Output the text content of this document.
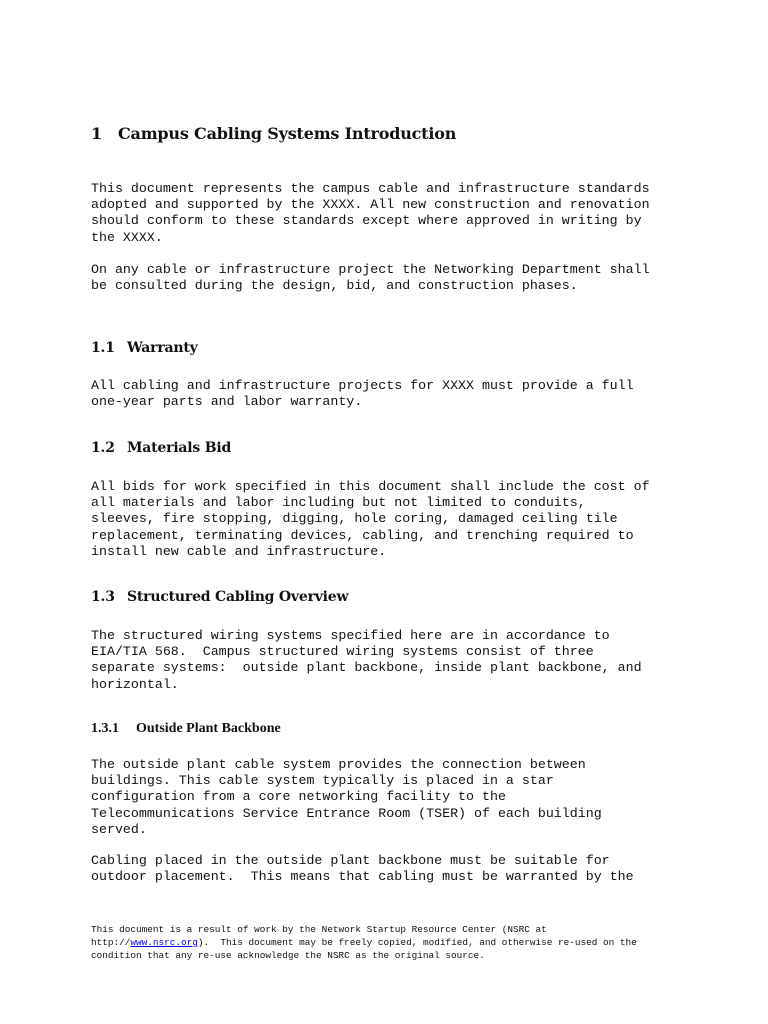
1 Campus Cabling Systems Introduction

This document represents the campus cable and infrastructure standards
adopted and supported by the XXXX. All new construction and renovation
should conform to these standards except where approved in writing by
the XXXX.

On any cable or infrastructure project the Networking Department shall
be consulted during the design, bid, and construction phases.

1.1 Warranty

All cabling and infrastructure projects for XXXX must provide a full
one-year parts and labor warranty.

1.2 Materials Bid

All bids for work specified in this document shall include the cost of
all materials and labor including but not limited to conduits,
sleeves, fire stopping, digging, hole coring, damaged ceiling tile
replacement, terminating devices, cabling, and trenching required to
install new cable and infrastructure.

1.3 Structured Cabling Overview

The structured wiring systems specified here are in accordance to
EIA/TIA 568.  Campus structured wiring systems consist of three
separate systems:  outside plant backbone, inside plant backbone, and
horizontal.

1.3.1 Outside Plant Backbone

The outside plant cable system provides the connection between
buildings. This cable system typically is placed in a star
configuration from a core networking facility to the
Telecommunications Service Entrance Room (TSER) of each building
served.

Cabling placed in the outside plant backbone must be suitable for
outdoor placement.  This means that cabling must be warranted by the

This document is a result of work by the Network Startup Resource Center (NSRC at
http://www.nsrc.org).  This document may be freely copied, modified, and otherwise re-used on the
condition that any re-use acknowledge the NSRC as the original source.
